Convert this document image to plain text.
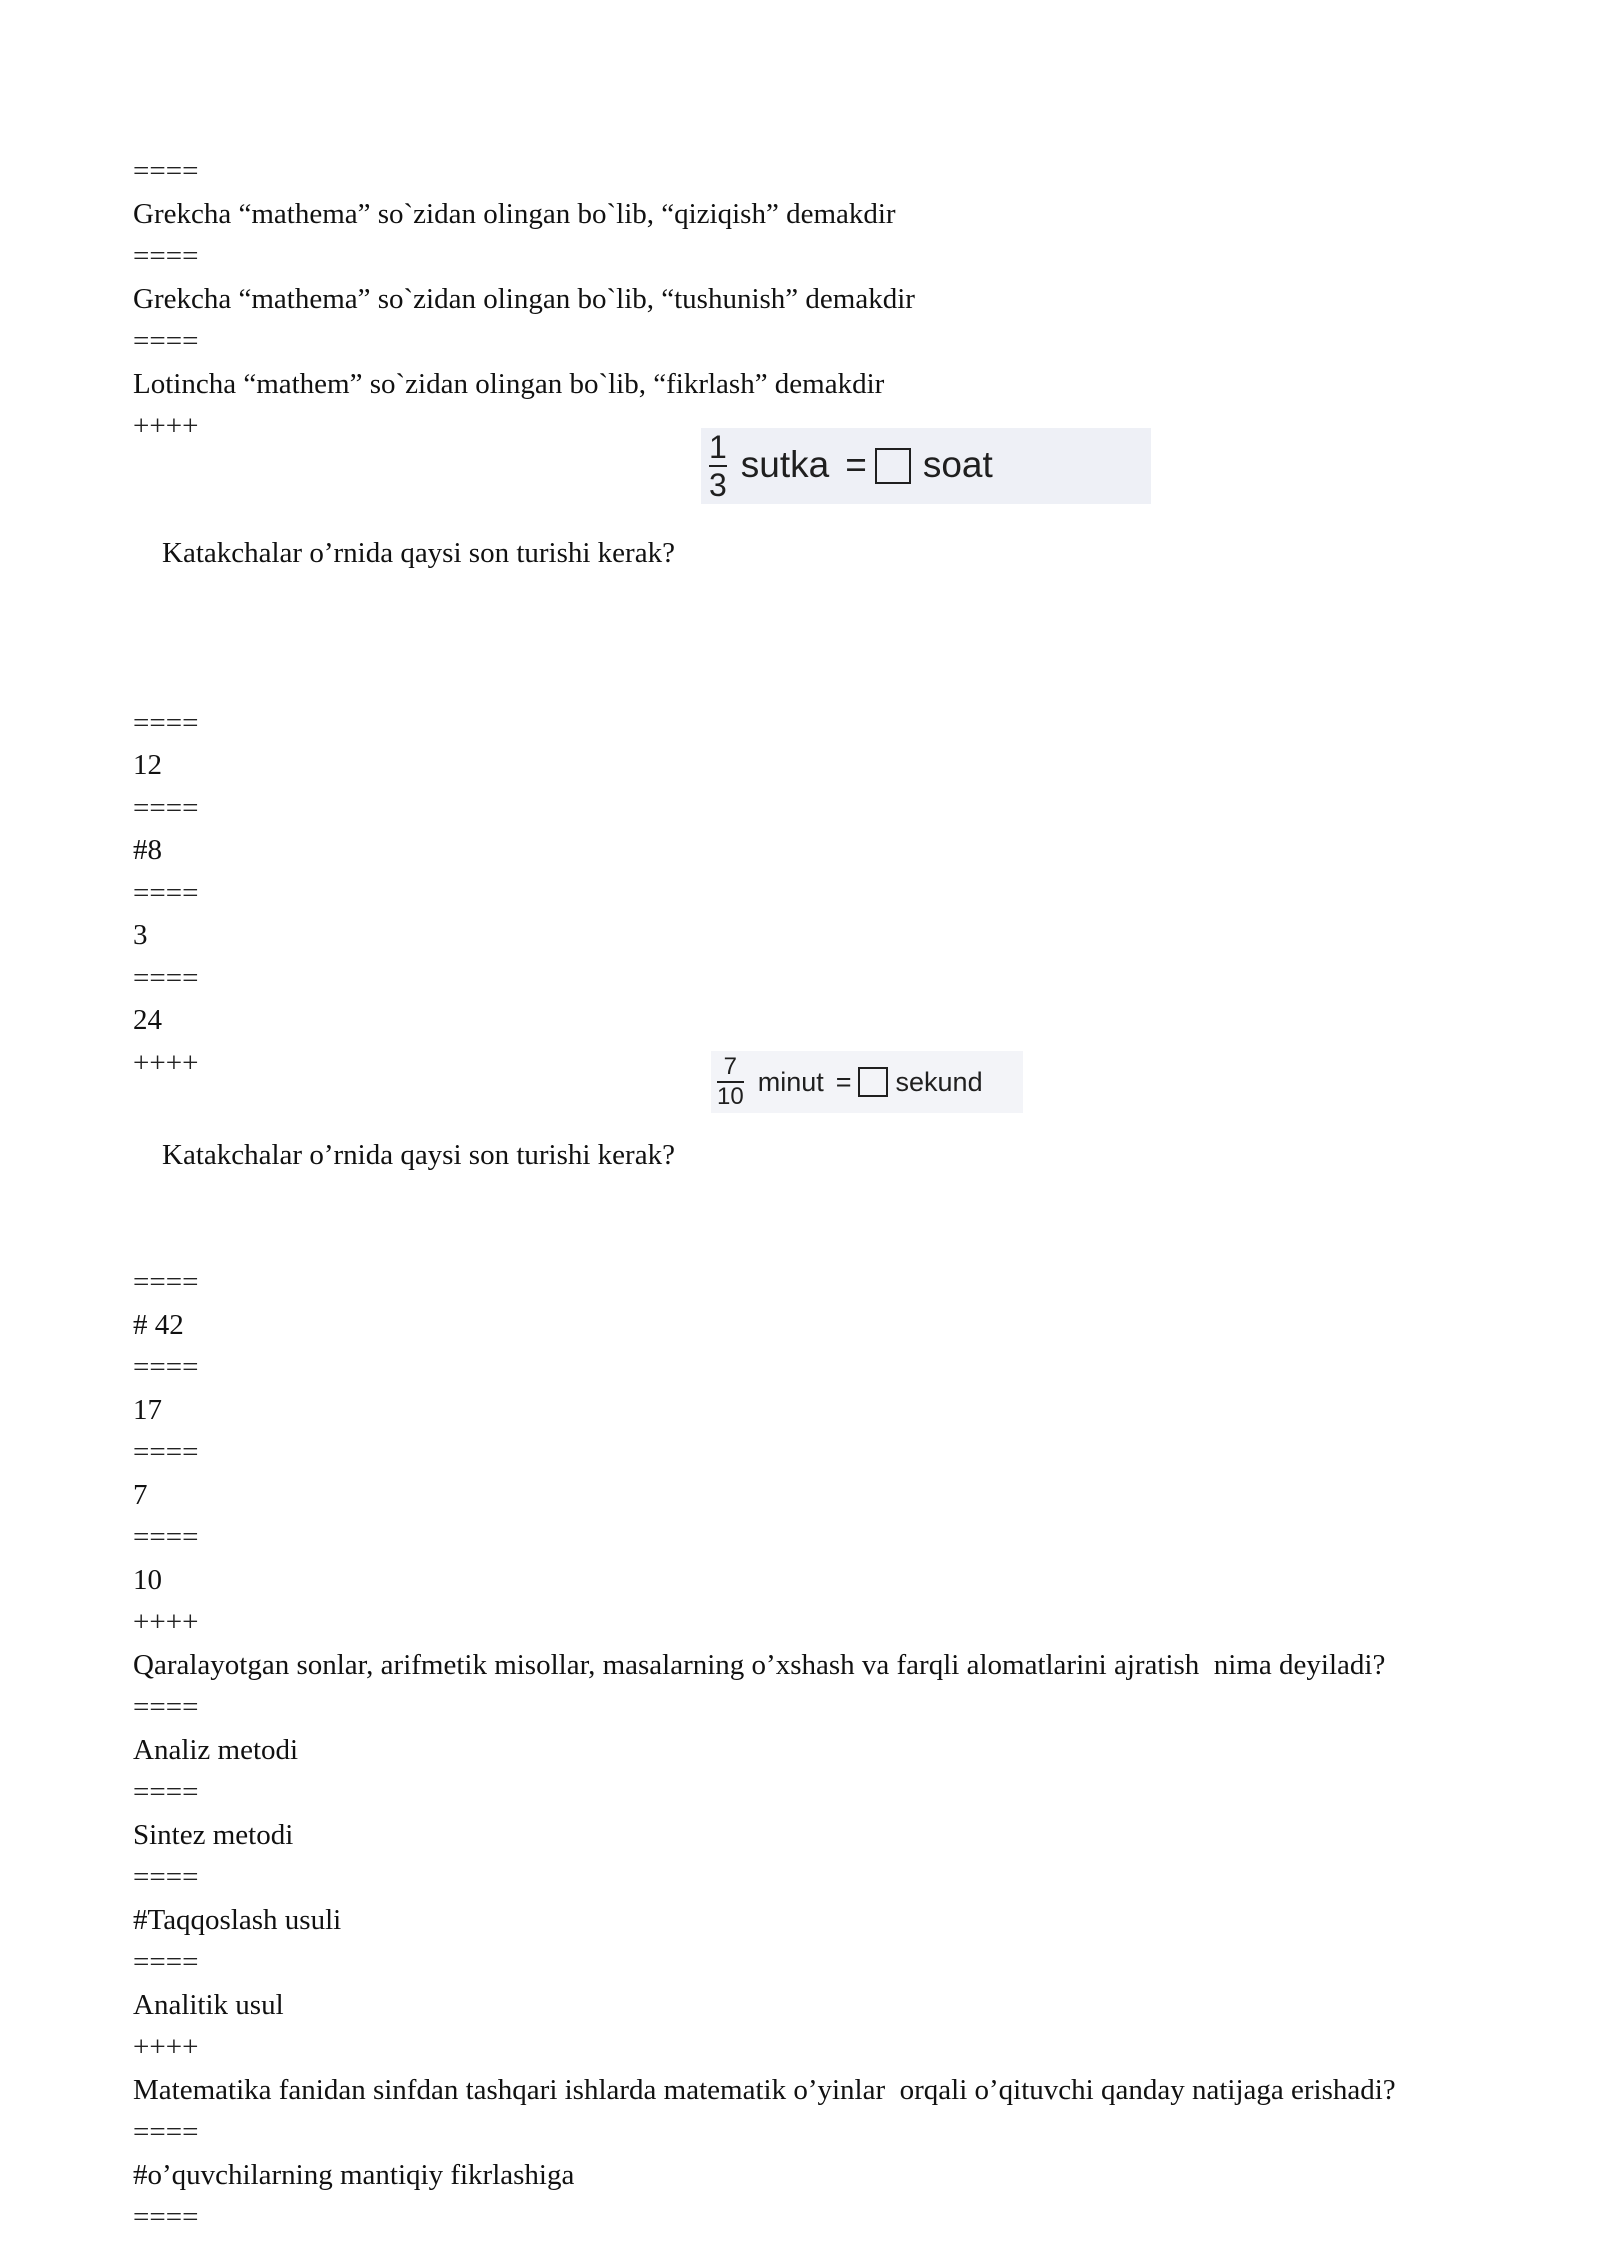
====
Grekcha “mathema” so`zidan olingan bo`lib, “qiziqish” demakdir
====
Grekcha “mathema” so`zidan olingan bo`lib, “tushunish” demakdir
====
Lotincha “mathem” so`zidan olingan bo`lib, “fikrlash” demakdir
++++

Katakchalar o’rnida qaysi son turishi kerak?

$\frac{1}{3}$ sutka = soat

====
12
====
#8
====
3
====
24
++++

Katakchalar o’rnida qaysi son turishi kerak?

$\frac{7}{10}$ minut = sekund

====
# 42
====
17
====
7
====
10
++++
Qaralayotgan sonlar, arifmetik misollar, masalarning o’xshash va farqli alomatlarini ajratish  nima deyiladi?
====
Analiz metodi
====
Sintez metodi
====
#Taqqoslash usuli
====
Analitik usul
++++
Matematika fanidan sinfdan tashqari ishlarda matematik o’yinlar  orqali o’qituvchi qanday natijaga erishadi?
====
#o’quvchilarning mantiqiy fikrlashiga
====
